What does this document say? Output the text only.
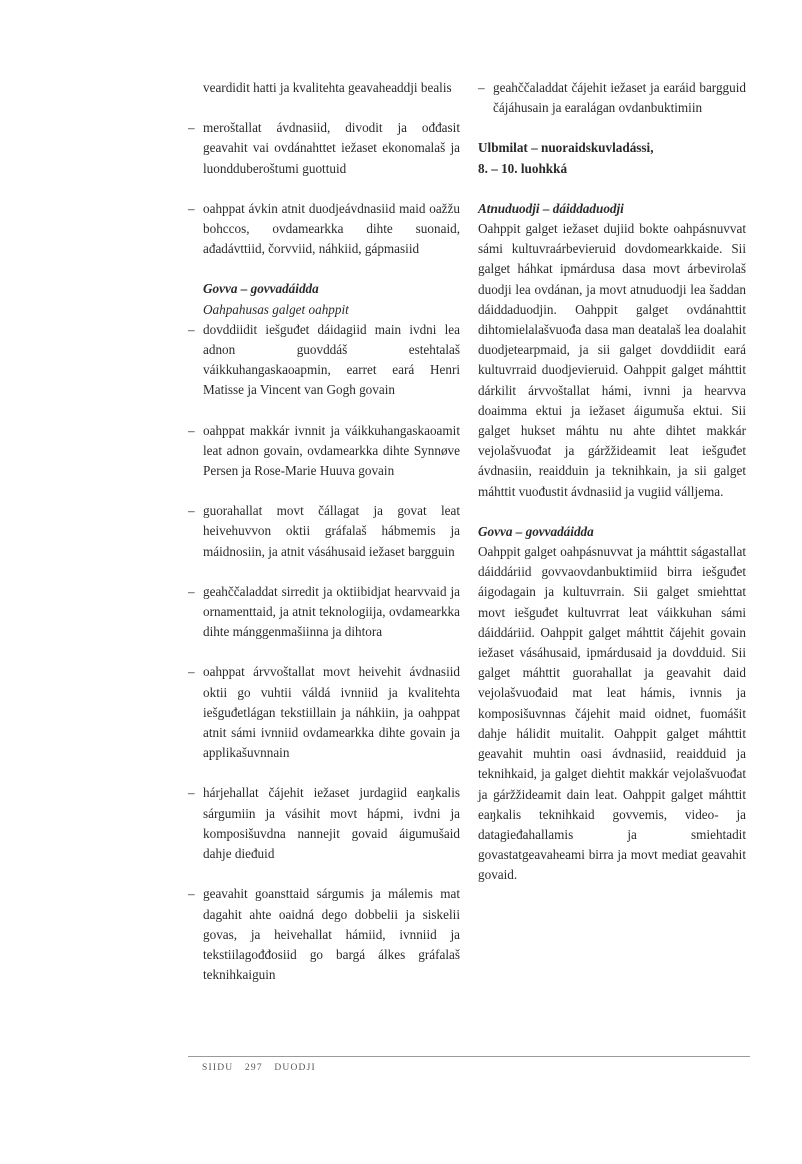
veardidit hatti ja kvalitehta geavaheaddji bealis

– meroštallat ávdnasiid, divodit ja ođđasit geavahit vai ovdánahttet iežaset ekonomalaš ja luondduberoštumi guottuid

– oahppat ávkin atnit duodjeávdnasiid maid oažžu bohccos, ovdamearkka dihte suonaid, ađadávttiid, čorvviid, náhkiid, gápmasiid

Govva – govvadáidda

Oahpahusas galget oahppit

– dovddiidit iešguđet dáidagiid main ivdni lea adnon guovddáš estehtalaš váikkuhangaskaoapmin, earret eará Henri Matisse ja Vincent van Gogh govain

– oahppat makkár ivnnit ja váikkuhangaskaoamit leat adnon govain, ovdamearkka dihte Synnøve Persen ja Rose-Marie Huuva govain

– guorahallat movt čállagat ja govat leat heivehuvvon oktii gráfalaš hábmemis ja máidnosiin, ja atnit vásáhusaid iežaset bargguin

– geahččaladdat sirredit ja oktiibidjat hearvvaid ja ornamenttaid, ja atnit teknologiija, ovdamearkka dihte mánggenmašiinna ja dihtora

– oahppat árvvoštallat movt heivehit ávdnasiid oktii go vuhtii váldá ivnniid ja kvalitehta iešguđetlágan tekstiillain ja náhkiin, ja oahppat atnit sámi ivnniid ovdamearkka dihte govain ja applikašuvnnain

– hárjehallat čájehit iežaset jurdagiid eaŋkalis sárgumiin ja vásihit movt hápmi, ivdni ja komposišuvdna nannejit govaid áigumušaid dahje dieđuid

– geavahit goansttaid sárgumis ja málemis mat dagahit ahte oaidná dego dobbelii ja siskelii govas, ja heivehallat hámiid, ivnniid ja tekstiilagođđosiid go bargá álkes gráfalaš teknihkaiguin

– geahččaladdat čájehit iežaset ja earáid bargguid čájáhusain ja earalágan ovdanbuktimiin

Ulbmilat – nuoraidskuvladássi,

8. – 10. luohkká

Atnuduodji – dáiddaduodji

Oahppit galget iežaset dujiid bokte oahpásnuvvat sámi kultuvraárbevieruid dovdomearkkaide. Sii galget háhkat ipmárdusa dasa movt árbevirolaš duodji lea ovdánan, ja movt atnuduodji lea šaddan dáiddaduodjin. Oahppit galget ovdánahttit dihtomielalašvuođa dasa man deatalaš lea doalahit duodjetearpmaid, ja sii galget dovddiidit eará kultuvrraid duodjevieruid. Oahppit galget máhttit dárkilit árvvoštallat hámi, ivnni ja hearvva doaimma ektui ja iežaset áigumuša ektui. Sii galget hukset máhtu nu ahte dihtet makkár vejolašvuođat ja gáržžideamit leat iešguđet ávdnasiin, reaidduin ja teknihkain, ja sii galget máhttit vuođustit ávdnasiid ja vugiid válljema.

Govva – govvadáidda

Oahppit galget oahpásnuvvat ja máhttit ságastallat dáiddáriid govvaovdanbuktimiid birra iešguđet áigodagain ja kultuvrrain. Sii galget smiehttat movt iešguđet kultuvrrat leat váikkuhan sámi dáiddáriid. Oahppit galget máhttit čájehit govain iežaset vásáhusaid, ipmárdusaid ja dovdduid. Sii galget máhttit guorahallat ja geavahit daid vejolašvuođaid mat leat hámis, ivnnis ja komposišuvnnas čájehit maid oidnet, fuomášit dahje hálidit muitalit. Oahppit galget máhttit geavahit muhtin oasi ávdnasiid, reaidduid ja teknihkaid, ja galget diehtit makkár vejolašvuođat ja gáržžideamit dain leat. Oahppit galget máhttit eaŋkalis teknihkaid govvemis, video- ja datagieđahallamis ja smiehtadit govastatgeavaheami birra ja movt mediat geavahit govaid.

SIIDU 297 DUODJI
